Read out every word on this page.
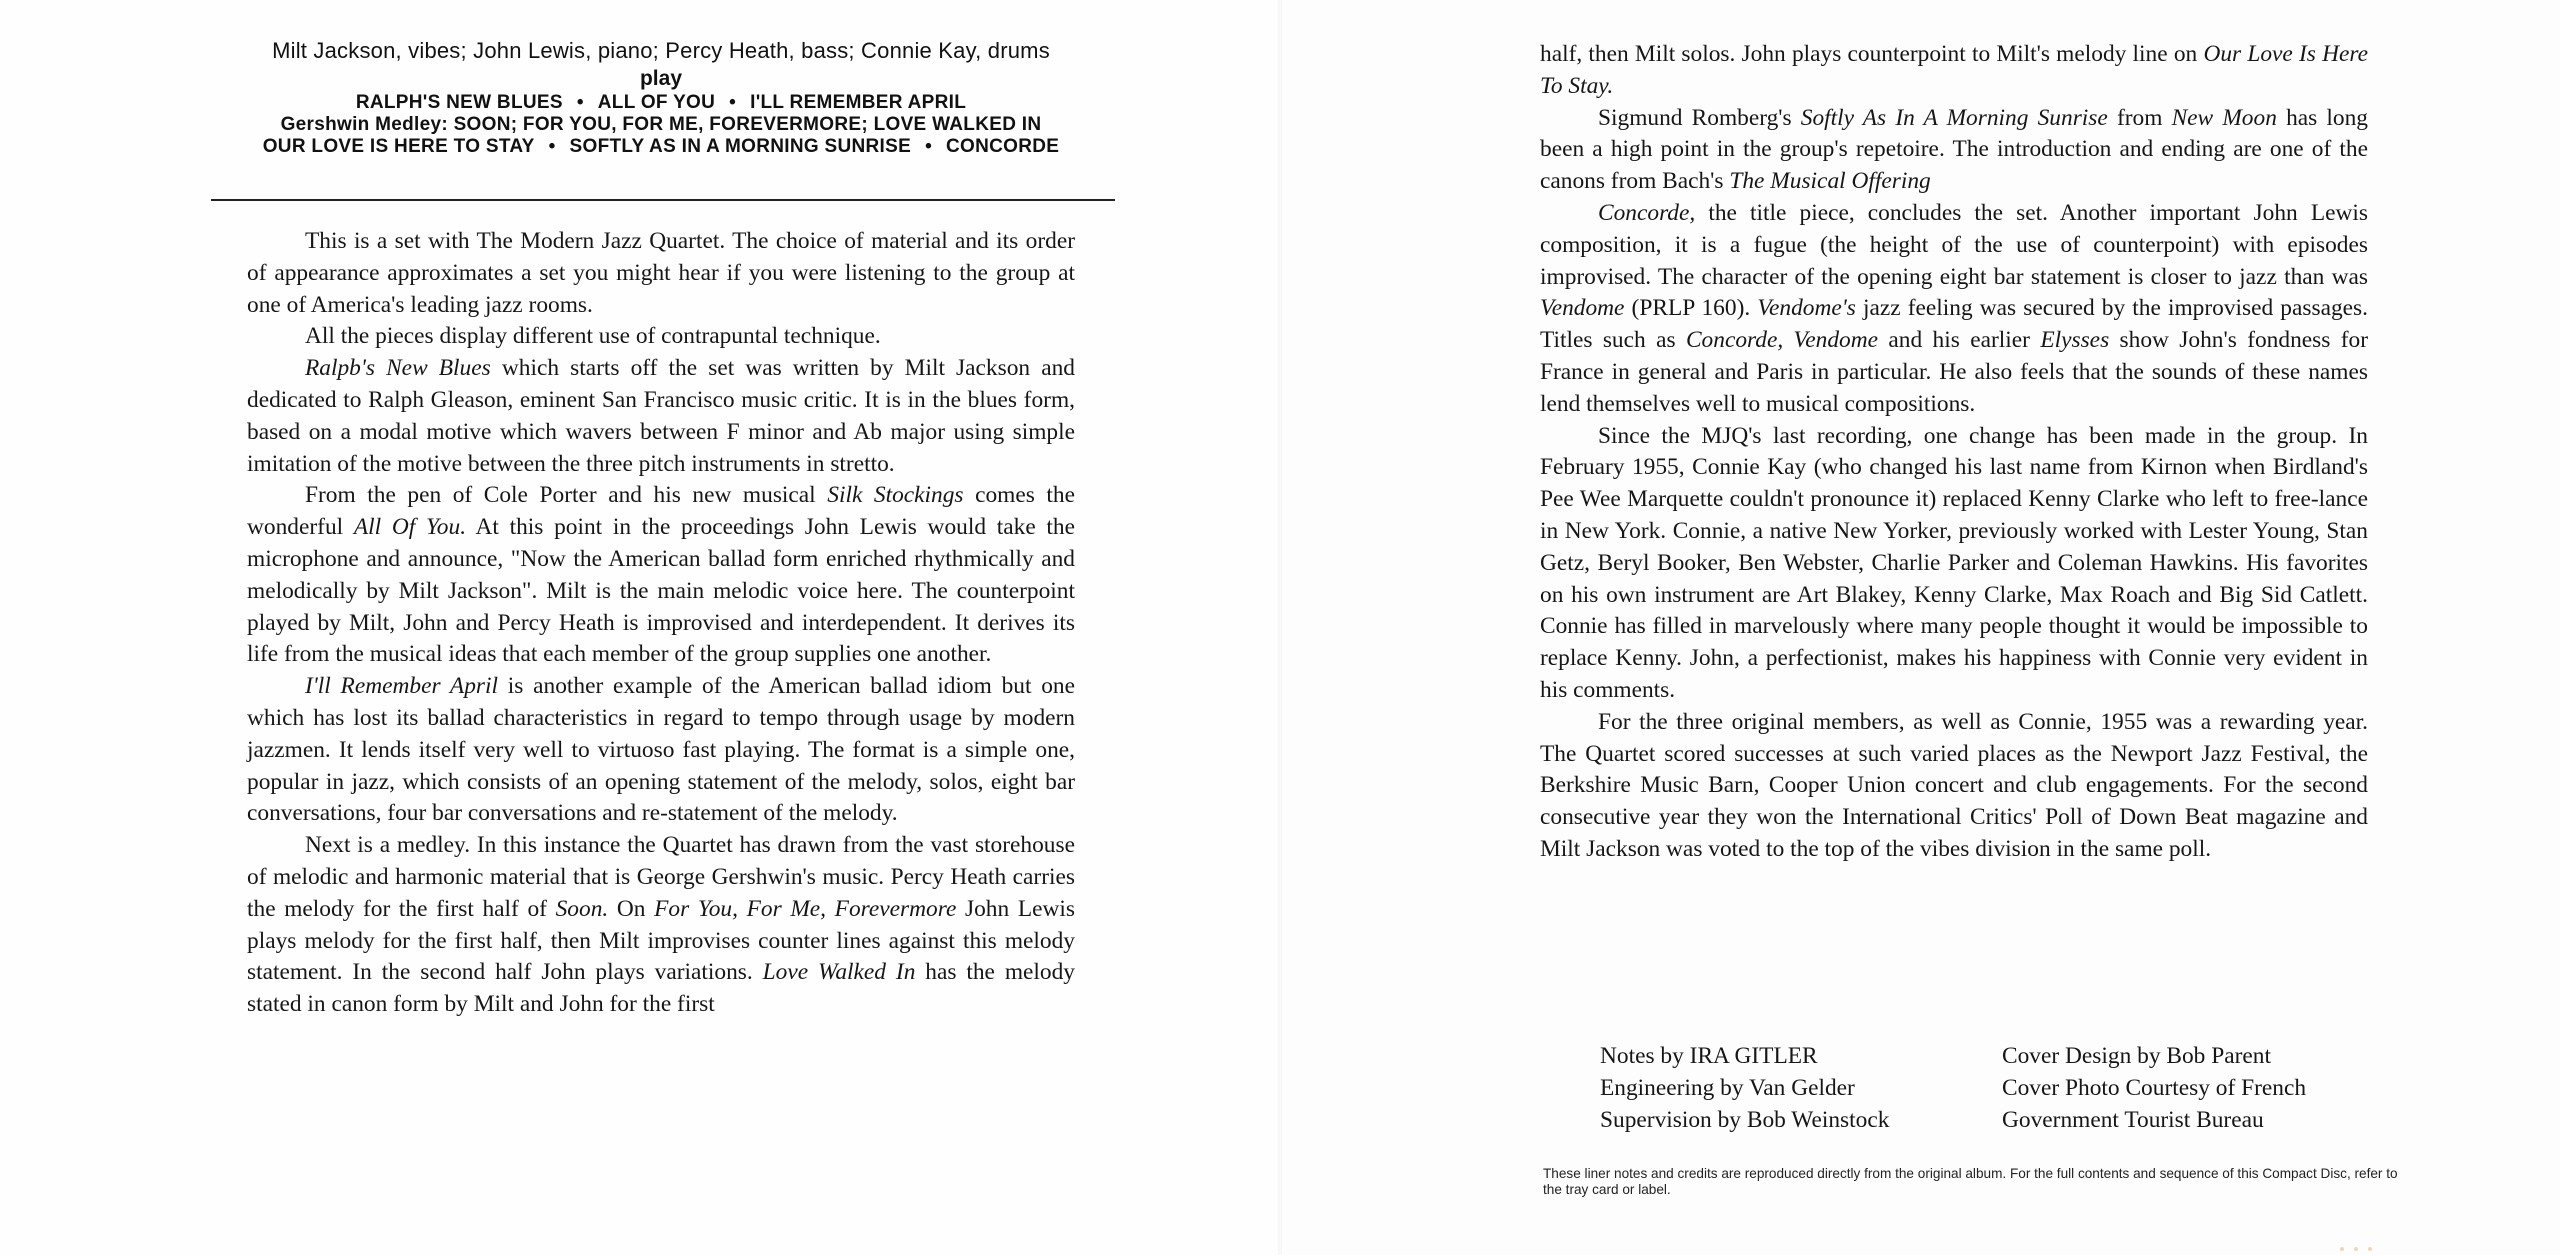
Milt Jackson, vibes; John Lewis, piano; Percy Heath, bass; Connie Kay, drums
play
RALPH'S NEW BLUES • ALL OF YOU • I'LL REMEMBER APRIL
Gershwin Medley: SOON; FOR YOU, FOR ME, FOREVERMORE; LOVE WALKED IN
OUR LOVE IS HERE TO STAY • SOFTLY AS IN A MORNING SUNRISE • CONCORDE

This is a set with The Modern Jazz Quartet. The choice of material and its order of appearance approximates a set you might hear if you were listening to the group at one of America's leading jazz rooms.

All the pieces display different use of contrapuntal technique.

Ralpb's New Blues which starts off the set was written by Milt Jackson and dedicated to Ralph Gleason, eminent San Francisco music critic. It is in the blues form, based on a modal motive which wavers between F minor and Ab major using simple imitation of the motive between the three pitch instruments in stretto.

From the pen of Cole Porter and his new musical Silk Stockings comes the wonderful All Of You. At this point in the proceedings John Lewis would take the microphone and announce, "Now the American ballad form enriched rhythmically and melodically by Milt Jackson". Milt is the main melodic voice here. The counterpoint played by Milt, John and Percy Heath is improvised and interdependent. It derives its life from the musical ideas that each member of the group supplies one another.

I'll Remember April is another example of the American ballad idiom but one which has lost its ballad characteristics in regard to tempo through usage by modern jazzmen. It lends itself very well to virtuoso fast playing. The format is a simple one, popular in jazz, which consists of an opening statement of the melody, solos, eight bar conversations, four bar conversations and re-statement of the melody.

Next is a medley. In this instance the Quartet has drawn from the vast storehouse of melodic and harmonic material that is George Gershwin's music. Percy Heath carries the melody for the first half of Soon. On For You, For Me, Forevermore John Lewis plays melody for the first half, then Milt improvises counter lines against this melody statement. In the second half John plays variations. Love Walked In has the melody stated in canon form by Milt and John for the first

half, then Milt solos. John plays counterpoint to Milt's melody line on Our Love Is Here To Stay.

Sigmund Romberg's Softly As In A Morning Sunrise from New Moon has long been a high point in the group's repetoire. The introduction and ending are one of the canons from Bach's The Musical Offering

Concorde, the title piece, concludes the set. Another important John Lewis composition, it is a fugue (the height of the use of counterpoint) with episodes improvised. The character of the opening eight bar statement is closer to jazz than was Vendome (PRLP 160). Vendome's jazz feeling was secured by the improvised passages. Titles such as Concorde, Vendome and his earlier Elysses show John's fondness for France in general and Paris in particular. He also feels that the sounds of these names lend themselves well to musical compositions.

Since the MJQ's last recording, one change has been made in the group. In February 1955, Connie Kay (who changed his last name from Kirnon when Birdland's Pee Wee Marquette couldn't pronounce it) replaced Kenny Clarke who left to free-lance in New York. Connie, a native New Yorker, previously worked with Lester Young, Stan Getz, Beryl Booker, Ben Webster, Charlie Parker and Coleman Hawkins. His favorites on his own instrument are Art Blakey, Kenny Clarke, Max Roach and Big Sid Catlett. Connie has filled in marvelously where many people thought it would be impossible to replace Kenny. John, a perfectionist, makes his happiness with Connie very evident in his comments.

For the three original members, as well as Connie, 1955 was a rewarding year. The Quartet scored successes at such varied places as the Newport Jazz Festival, the Berkshire Music Barn, Cooper Union concert and club engagements. For the second consecutive year they won the International Critics' Poll of Down Beat magazine and Milt Jackson was voted to the top of the vibes division in the same poll.

Notes by IRA GITLER	Cover Design by Bob Parent
Engineering by Van Gelder	Cover Photo Courtesy of French
Supervision by Bob Weinstock	Government Tourist Bureau
These liner notes and credits are reproduced directly from the original album. For the full contents and sequence of this Compact Disc, refer to the tray card or label.
